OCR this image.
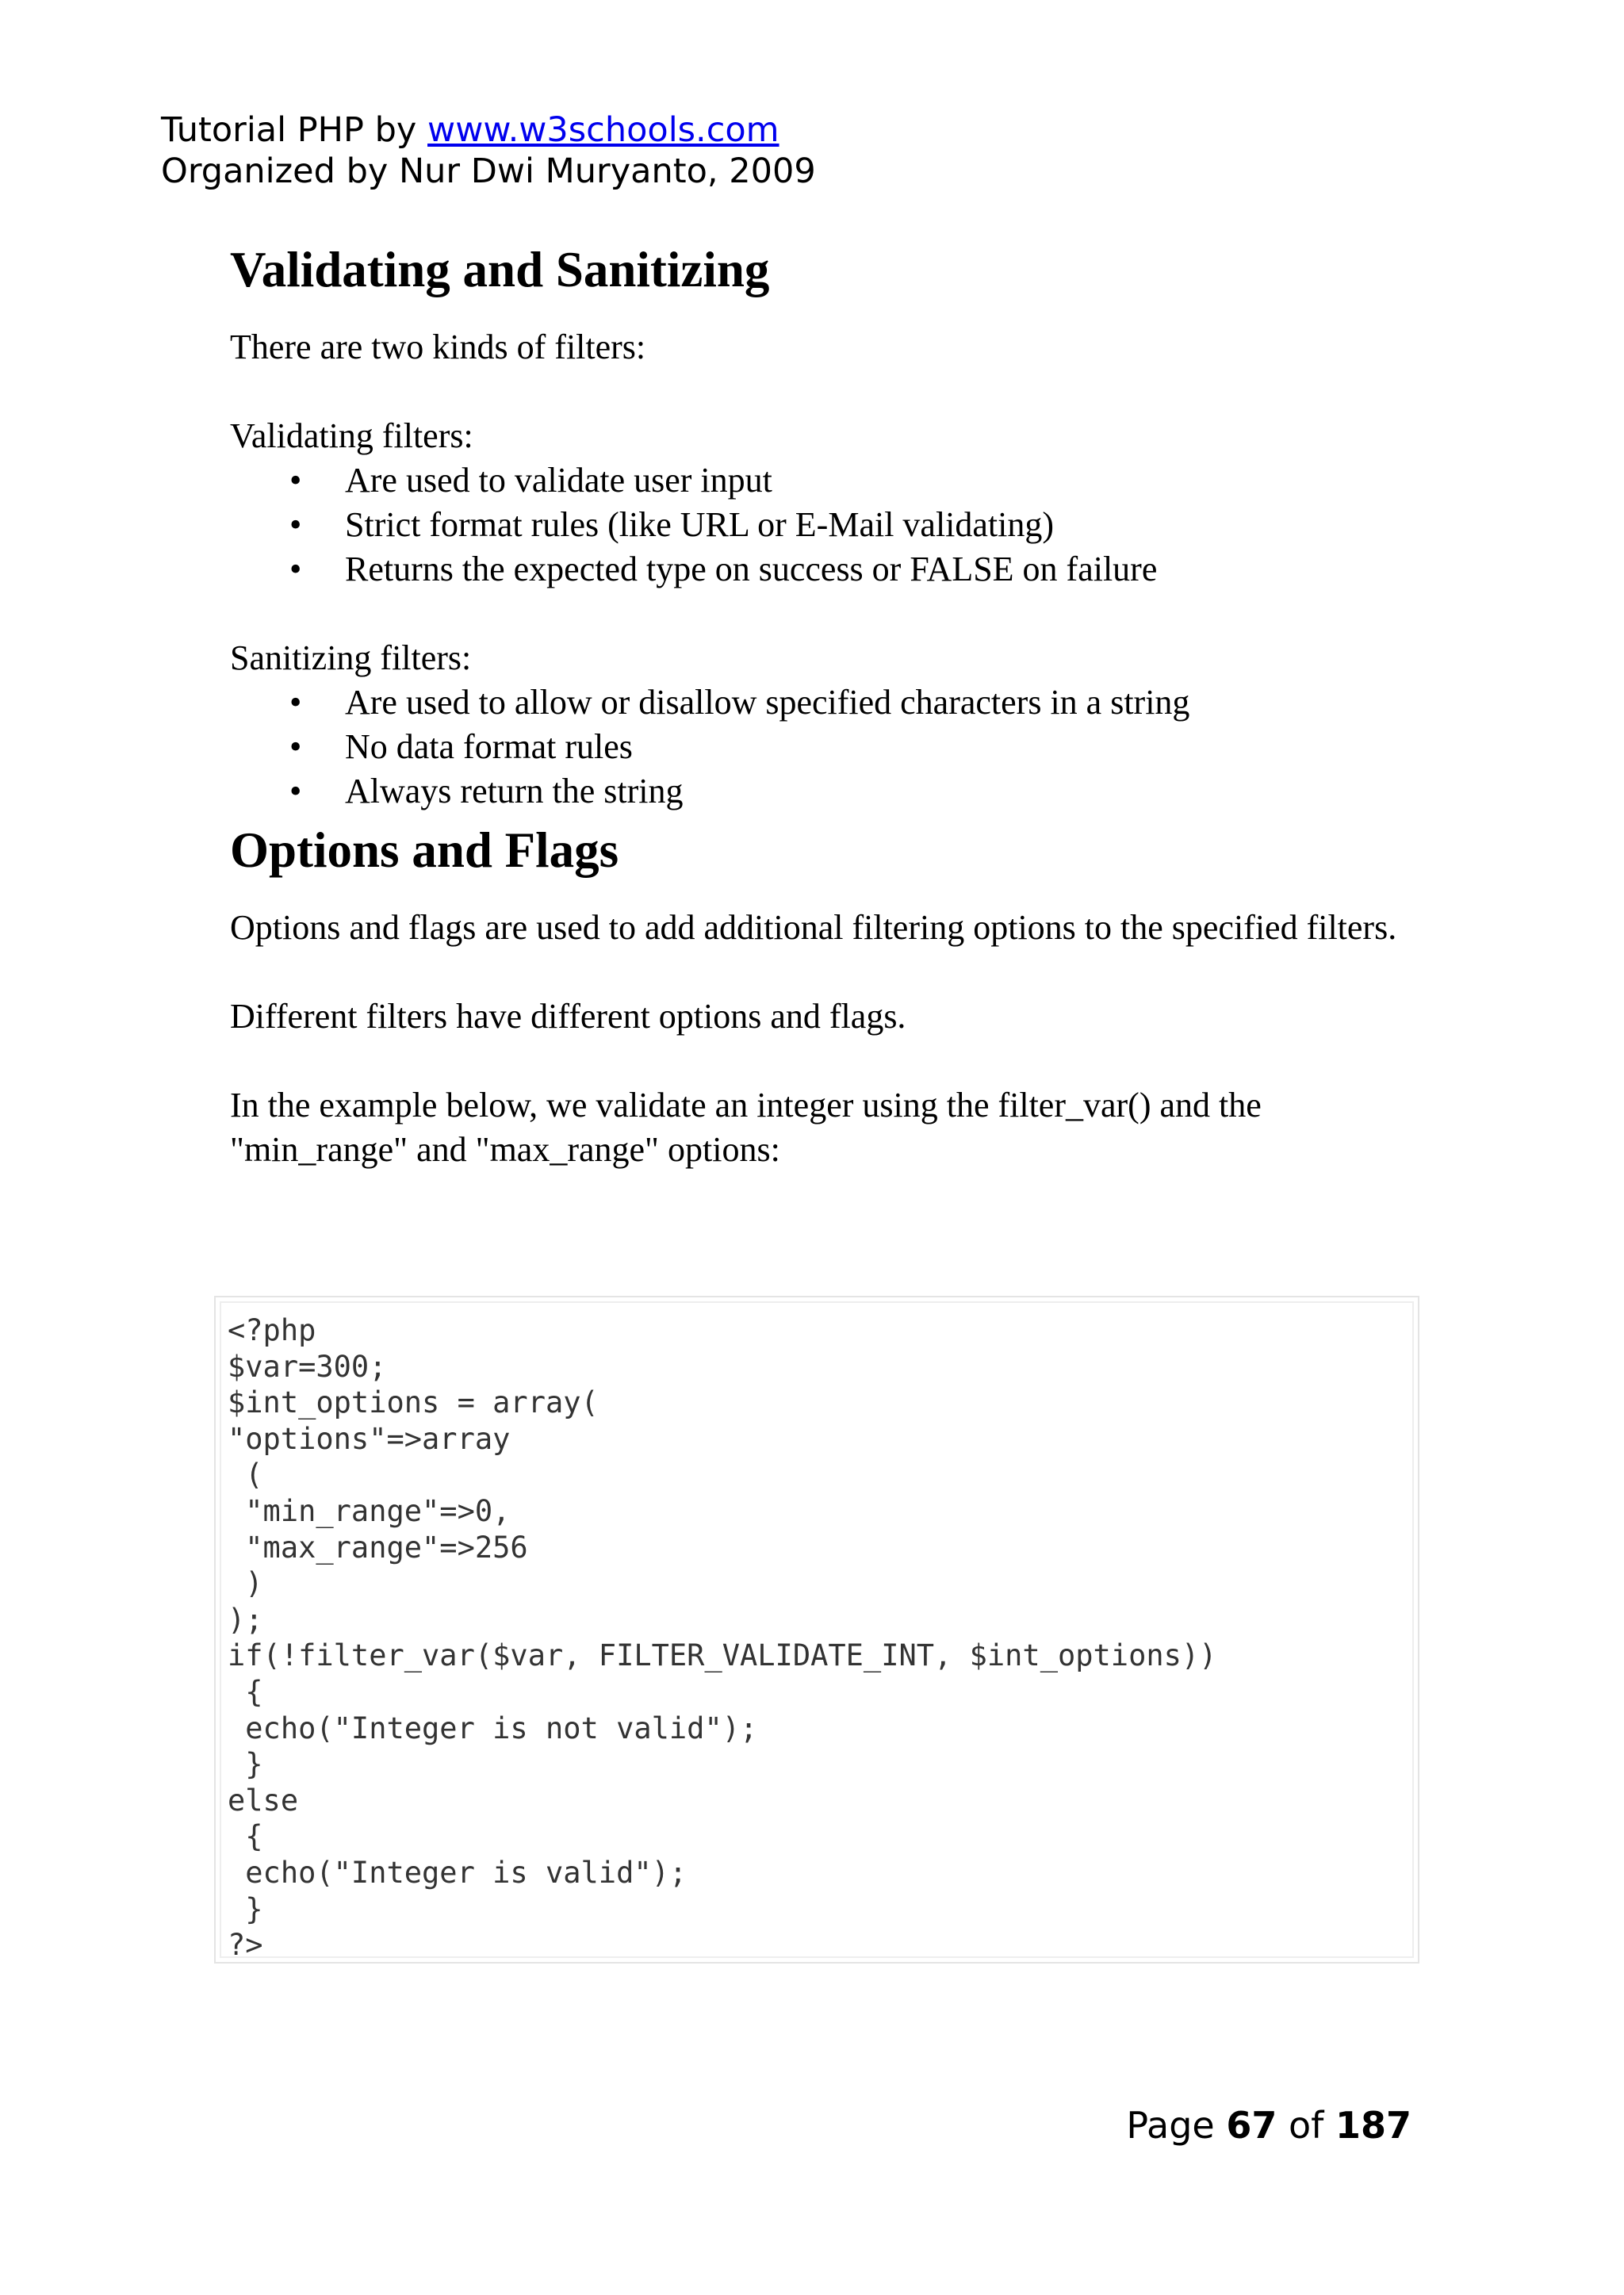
Tutorial PHP by www.w3schools.com
Organized by Nur Dwi Muryanto, 2009
Validating and Sanitizing

There are two kinds of filters:

Validating filters:

• Are used to validate user input
• Strict format rules (like URL or E-Mail validating)
• Returns the expected type on success or FALSE on failure

Sanitizing filters:

• Are used to allow or disallow specified characters in a string
• No data format rules
• Always return the string
Options and Flags

Options and flags are used to add additional filtering options to the specified filters.

Different filters have different options and flags.

In the example below, we validate an integer using the filter_var() and the "min_range" and "max_range" options:

<?php
$var=300;
$int_options = array(
"options"=>array
(
"min_range"=>0,
"max_range"=>256
)
);
if(!filter_var($var, FILTER_VALIDATE_INT, $int_options))
{
echo("Integer is not valid");
}
else
{
echo("Integer is valid");
}
?>
Page 67 of 187
